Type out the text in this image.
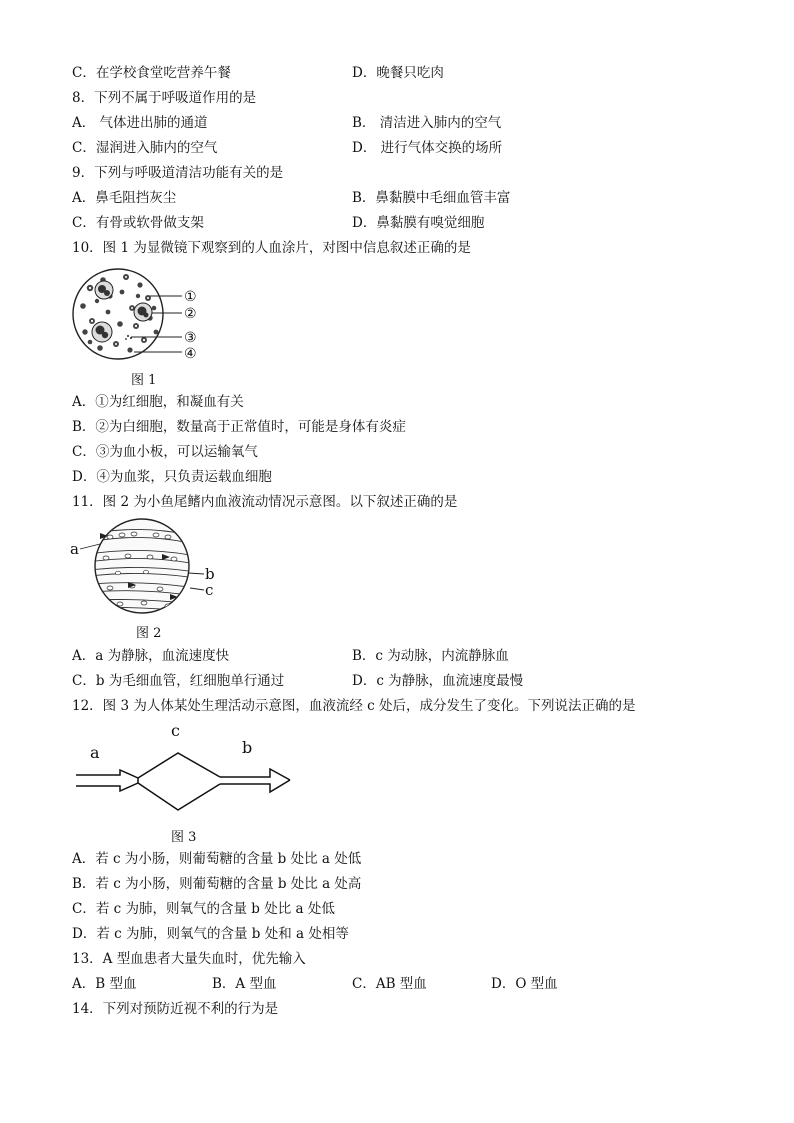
C．在学校食堂吃营养午餐	D．晚餐只吃肉
8．下列不属于呼吸道作用的是
A． 气体进出肺的通道	B． 清洁进入肺内的空气
C．湿润进入肺内的空气	D． 进行气体交换的场所
9．下列与呼吸道清洁功能有关的是
A．鼻毛阻挡灰尘	B．鼻黏膜中毛细血管丰富
C．有骨或软骨做支架	D．鼻黏膜有嗅觉细胞
10．图 1 为显微镜下观察到的人血涂片，对图中信息叙述正确的是
①
②
③
④
图 1
A．①为红细胞，和凝血有关
B．②为白细胞，数量高于正常值时，可能是身体有炎症
C．③为血小板，可以运输氧气
D．④为血浆，只负责运载血细胞
11．图 2 为小鱼尾鳍内血液流动情况示意图。以下叙述正确的是
a
b
c
图 2
A．a 为静脉，血流速度快	B．c 为动脉，内流静脉血
C．b 为毛细血管，红细胞单行通过	D．c 为静脉，血流速度最慢
12．图 3 为人体某处生理活动示意图，血液流经 c 处后，成分发生了变化。下列说法正确的是
a
c
b
图 3
A．若 c 为小肠，则葡萄糖的含量 b 处比 a 处低
B．若 c 为小肠，则葡萄糖的含量 b 处比 a 处高
C．若 c 为肺，则氧气的含量 b 处比 a 处低
D．若 c 为肺，则氧气的含量 b 处和 a 处相等
13．A 型血患者大量失血时，优先输入
A．B 型血	B．A 型血	C．AB 型血	D．O 型血
14．下列对预防近视不利的行为是
